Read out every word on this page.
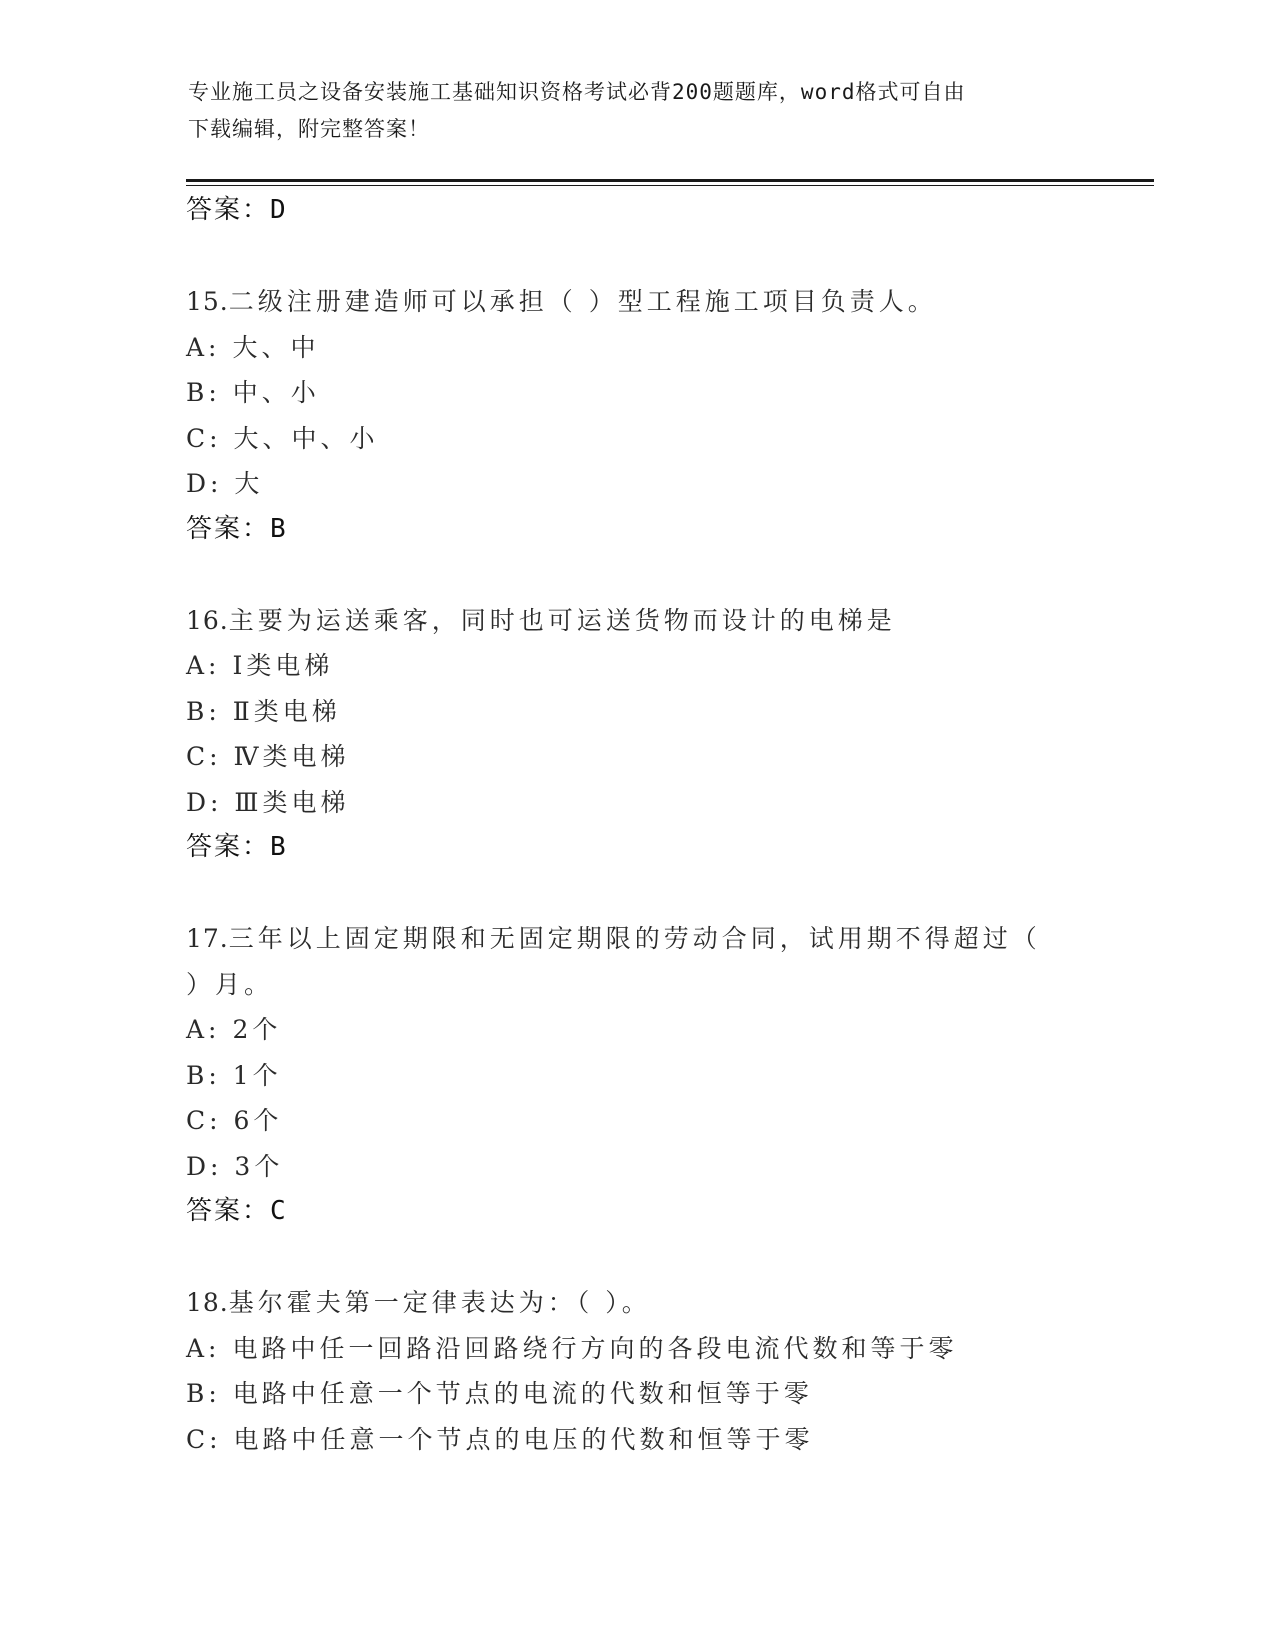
专业施工员之设备安装施工基础知识资格考试必背200题题库，word格式可自由
下载编辑，附完整答案！
答案：D
15.二级注册建造师可以承担（ ）型工程施工项目负责人。
A: 大、中
B: 中、小
C: 大、中、小
D: 大
答案：B
16.主要为运送乘客，同时也可运送货物而设计的电梯是
A: Ⅰ类电梯
B: Ⅱ类电梯
C: Ⅳ类电梯
D: Ⅲ类电梯
答案：B
17.三年以上固定期限和无固定期限的劳动合同，试用期不得超过（
）月。
A: 2个
B: 1个
C: 6个
D: 3个
答案：C
18.基尔霍夫第一定律表达为：（ ）。
A: 电路中任一回路沿回路绕行方向的各段电流代数和等于零
B: 电路中任意一个节点的电流的代数和恒等于零
C: 电路中任意一个节点的电压的代数和恒等于零
